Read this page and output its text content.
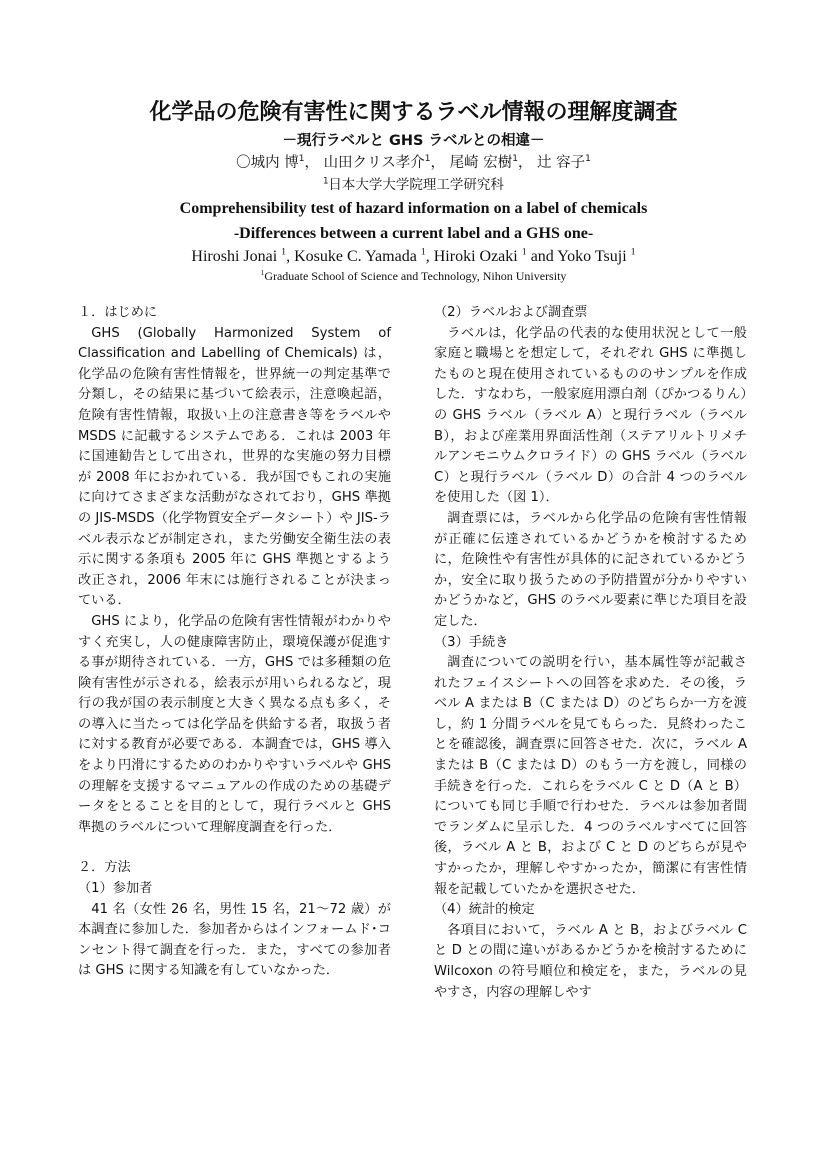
化学品の危険有害性に関するラベル情報の理解度調査

－現行ラベルと GHS ラベルとの相違－

〇城内 博$^1$， 山田クリス孝介$^1$， 尾崎 宏樹$^1$， 辻 容子$^1$

$^1$日本大学大学院理工学研究科

Comprehensibility test of hazard information on a label of chemicals

-Differences between a current label and a GHS one-

Hiroshi Jonai $^1$, Kosuke C. Yamada $^1$, Hiroki Ozaki $^1$ and Yoko Tsuji $^1$

$^1$Graduate School of Science and Technology, Nihon University

１．はじめに

GHS (Globally Harmonized System of Classification and Labelling of Chemicals) は，化学品の危険有害性情報を，世界統一の判定基準で分類し，その結果に基づいて絵表示，注意喚起語，危険有害性情報，取扱い上の注意書き等をラベルや MSDS に記載するシステムである．これは 2003 年に国連勧告として出され，世界的な実施の努力目標が 2008 年におかれている．我が国でもこれの実施に向けてさまざまな活動がなされており，GHS 準拠の JIS-MSDS（化学物質安全データシート）や JIS-ラベル表示などが制定され，また労働安全衛生法の表示に関する条項も 2005 年に GHS 準拠とするよう改正され，2006 年末には施行されることが決まっている．

GHS により，化学品の危険有害性情報がわかりやすく充実し，人の健康障害防止，環境保護が促進する事が期待されている．一方，GHS では多種類の危険有害性が示される，絵表示が用いられるなど，現行の我が国の表示制度と大きく異なる点も多く，その導入に当たっては化学品を供給する者，取扱う者に対する教育が必要である．本調査では，GHS 導入をより円滑にするためのわかりやすいラベルや GHS の理解を支援するマニュアルの作成のための基礎データをとることを目的として，現行ラベルと GHS 準拠のラベルについて理解度調査を行った．

２．方法

（1）参加者

41 名（女性 26 名，男性 15 名，21～72 歳）が本調査に参加した．参加者からはインフォームド･コンセント得て調査を行った．また，すべての参加者は GHS に関する知識を有していなかった．

（2）ラベルおよび調査票

ラベルは，化学品の代表的な使用状況として一般家庭と職場とを想定して，それぞれ GHS に準拠したものと現在使用されているもののサンプルを作成した．すなわち，一般家庭用漂白剤（ぴかつるりん）の GHS ラベル（ラベル A）と現行ラベル（ラベル B），および産業用界面活性剤（ステアリルトリメチルアンモニウムクロライド）の GHS ラベル（ラベル C）と現行ラベル（ラベル D）の合計 4 つのラベルを使用した（図 1）．

調査票には，ラベルから化学品の危険有害性情報が正確に伝達されているかどうかを検討するために，危険性や有害性が具体的に記されているかどうか，安全に取り扱うための予防措置が分かりやすいかどうかなど，GHS のラベル要素に準じた項目を設定した．

（3）手続き

調査についての説明を行い，基本属性等が記載されたフェイスシートへの回答を求めた．その後，ラベル A または B（C または D）のどちらか一方を渡し，約 1 分間ラベルを見てもらった．見終わったことを確認後，調査票に回答させた．次に，ラベル A または B（C または D）のもう一方を渡し，同様の手続きを行った．これらをラベル C と D（A と B）についても同じ手順で行わせた．ラベルは参加者間でランダムに呈示した．4 つのラベルすべてに回答後，ラベル A と B，および C と D のどちらが見やすかったか，理解しやすかったか，簡潔に有害性情報を記載していたかを選択させた．

（4）統計的検定

各項目において，ラベル A と B，およびラベル C と D との間に違いがあるかどうかを検討するために Wilcoxon の符号順位和検定を，また，ラベルの見やすさ，内容の理解しやす
